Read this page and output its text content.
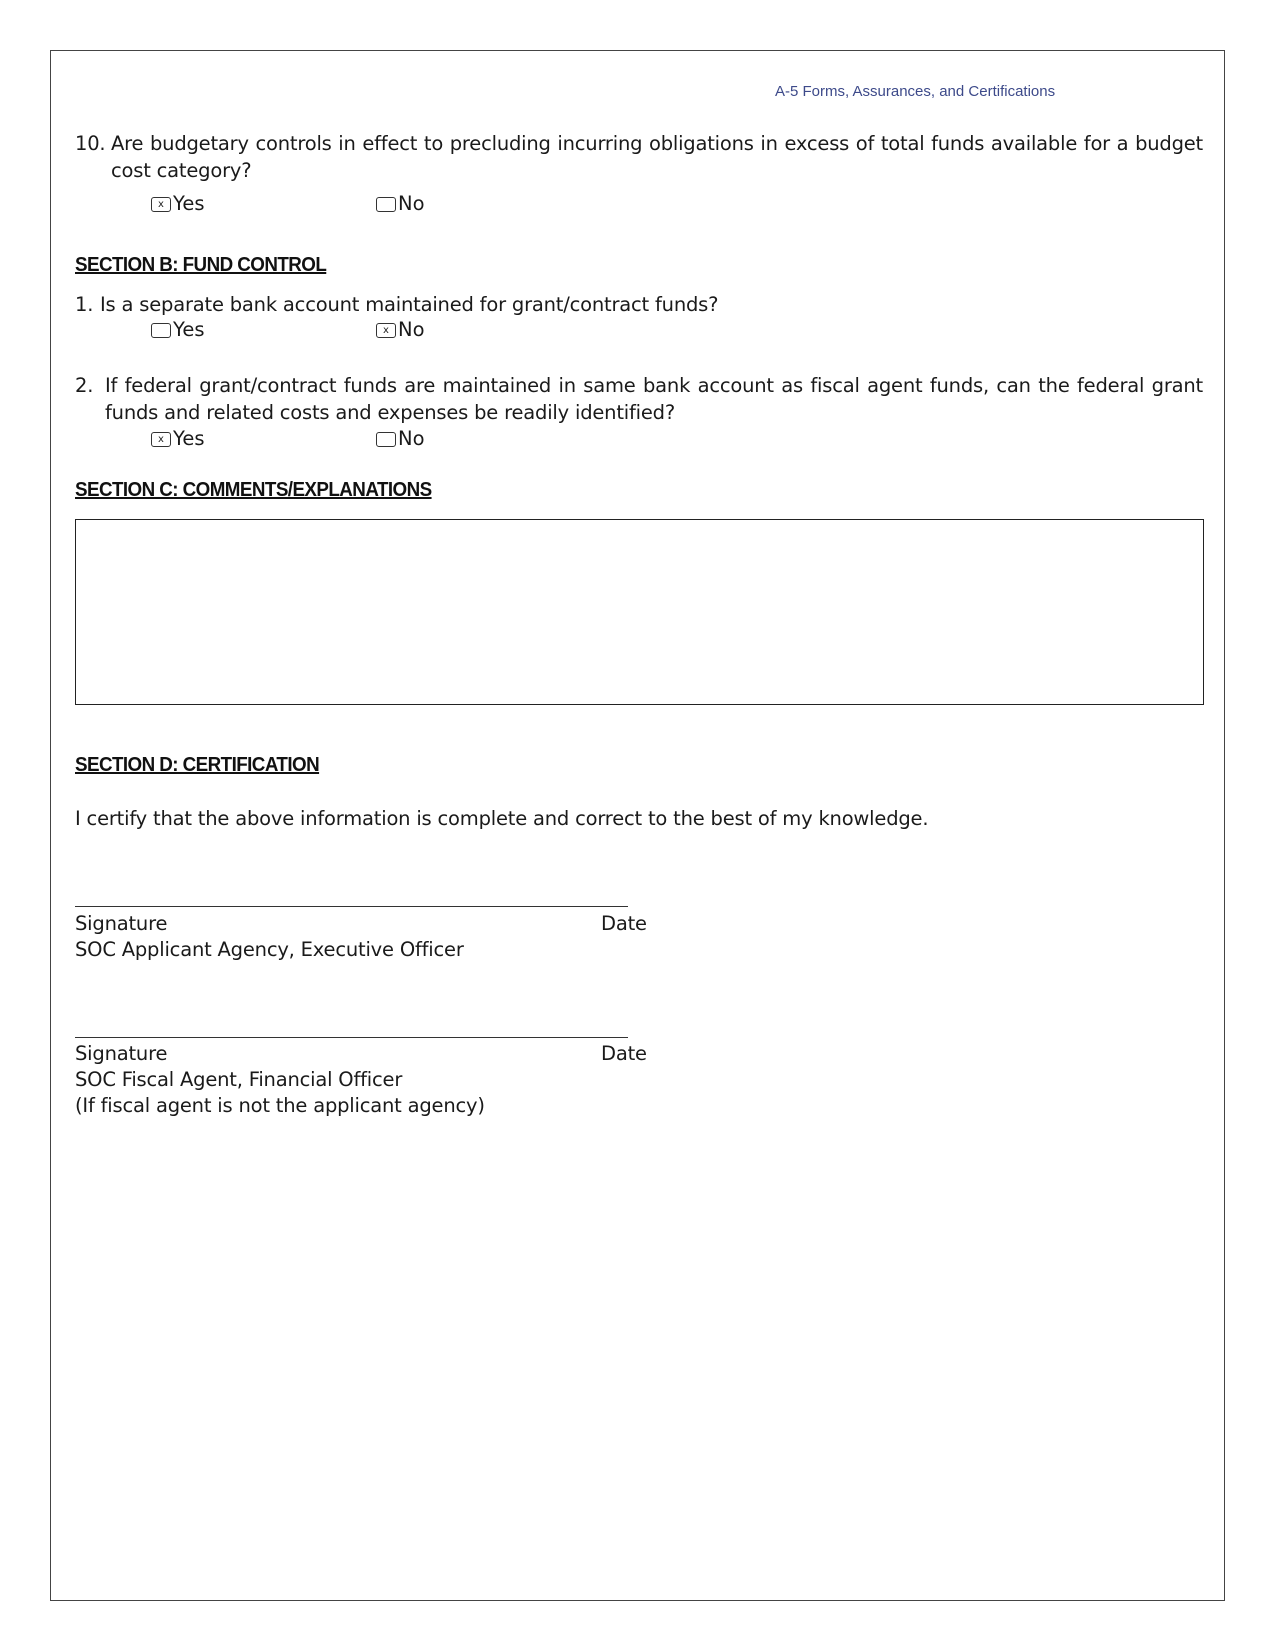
A-5 Forms, Assurances, and Certifications
10. Are budgetary controls in effect to precluding incurring obligations in excess of total funds available for a budget cost category?
x Yes	No
SECTION B: FUND CONTROL
1. Is a separate bank account maintained for grant/contract funds?
Yes	x No
2. If federal grant/contract funds are maintained in same bank account as fiscal agent funds, can the federal grant funds and related costs and expenses be readily identified?
x Yes	No
SECTION C: COMMENTS/EXPLANATIONS
SECTION D: CERTIFICATION
I certify that the above information is complete and correct to the best of my knowledge.
Signature	Date
SOC Applicant Agency, Executive Officer
Signature	Date
SOC Fiscal Agent, Financial Officer
(If fiscal agent is not the applicant agency)
